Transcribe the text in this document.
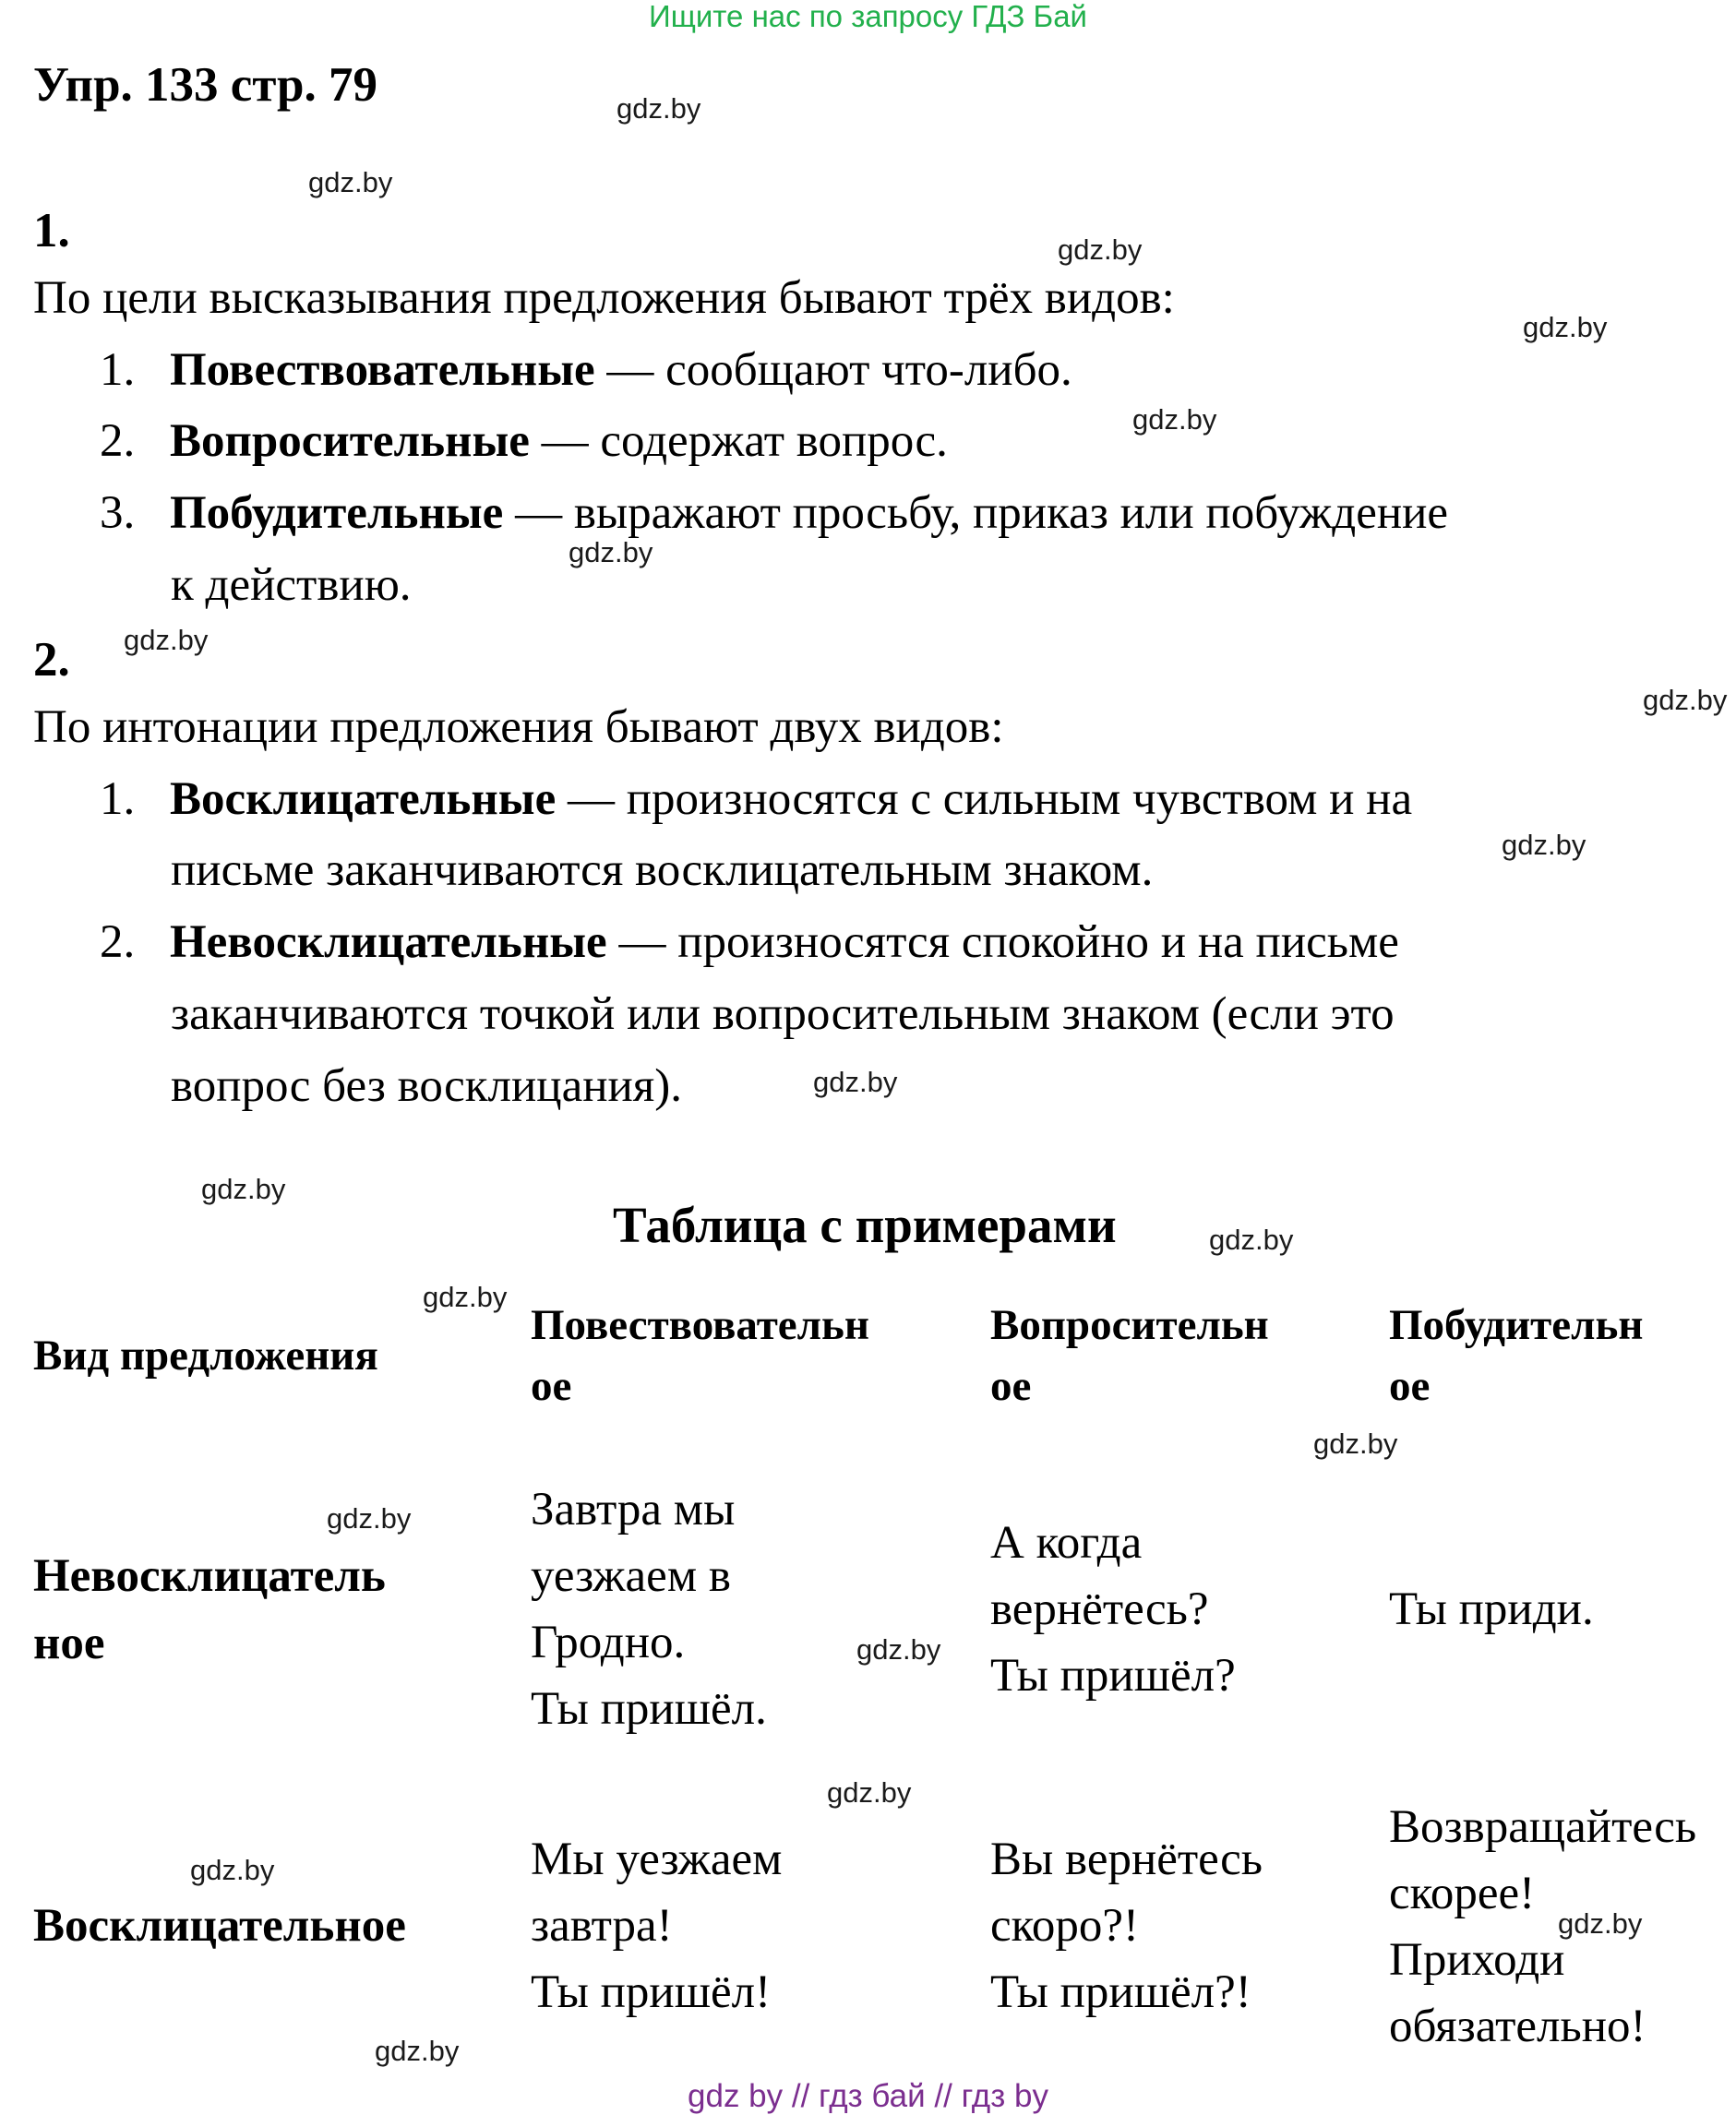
Ищите нас по запросу ГДЗ Бай
Упр. 133 стр. 79
1.
По цели высказывания предложения бывают трёх видов:
1. Повествовательные — сообщают что-либо.
2. Вопросительные — содержат вопрос.
3. Побудительные — выражают просьбу, приказ или побуждение
к действию.
2.
По интонации предложения бывают двух видов:
1. Восклицательные — произносятся с сильным чувством и на
письме заканчиваются восклицательным знаком.
2. Невосклицательные — произносятся спокойно и на письме
заканчиваются точкой или вопросительным знаком (если это
вопрос без восклицания).
Таблица с примерами
Вид предложения
Повествовательн
ое
Вопросительн
ое
Побудительн
ое
Невосклицатель
ное
Завтра мы
уезжаем в
Гродно.
Ты пришёл.
А когда
вернётесь?
Ты пришёл?
Ты приди.
Восклицательное
Мы уезжаем
завтра!
Ты пришёл!
Вы вернётесь
скоро?!
Ты пришёл?!
Возвращайтесь
скорее!
Приходи
обязательно!
gdz.by
gdz.by
gdz.by
gdz.by
gdz.by
gdz.by
gdz.by
gdz.by
gdz.by
gdz.by
gdz.by
gdz.by
gdz.by
gdz.by
gdz.by
gdz.by
gdz.by
gdz.by
gdz.by
gdz.by
gdz by // гдз бай // гдз by
